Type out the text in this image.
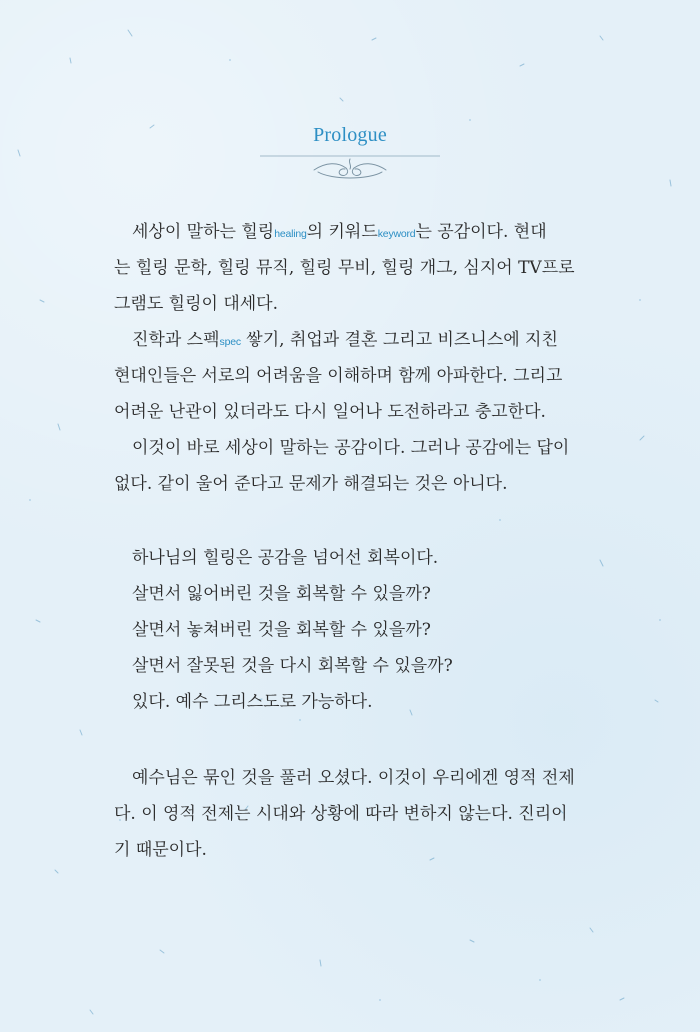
Prologue
세상이 말하는 힐링healing의 키워드keyword는 공감이다. 현대
는 힐링 문학, 힐링 뮤직, 힐링 무비, 힐링 개그, 심지어 TV프로
그램도 힐링이 대세다.
진학과 스펙spec 쌓기, 취업과 결혼 그리고 비즈니스에 지친
현대인들은 서로의 어려움을 이해하며 함께 아파한다. 그리고
어려운 난관이 있더라도 다시 일어나 도전하라고 충고한다.
이것이 바로 세상이 말하는 공감이다. 그러나 공감에는 답이
없다. 같이 울어 준다고 문제가 해결되는 것은 아니다.
하나님의 힐링은 공감을 넘어선 회복이다.
살면서 잃어버린 것을 회복할 수 있을까?
살면서 놓쳐버린 것을 회복할 수 있을까?
살면서 잘못된 것을 다시 회복할 수 있을까?
있다. 예수 그리스도로 가능하다.
예수님은 묶인 것을 풀러 오셨다. 이것이 우리에겐 영적 전제
다. 이 영적 전제는 시대와 상황에 따라 변하지 않는다. 진리이
기 때문이다.
